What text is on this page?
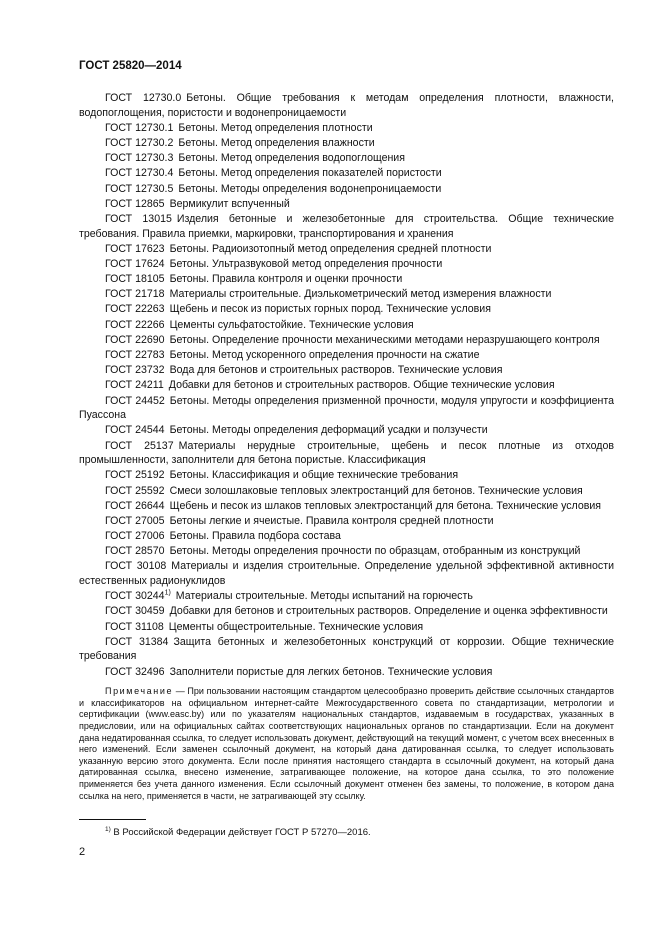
ГОСТ 25820—2014
ГОСТ 12730.0 Бетоны. Общие требования к методам определения плотности, влажности, водопоглощения, пористости и водонепроницаемости
ГОСТ 12730.1 Бетоны. Метод определения плотности
ГОСТ 12730.2 Бетоны. Метод определения влажности
ГОСТ 12730.3 Бетоны. Метод определения водопоглощения
ГОСТ 12730.4 Бетоны. Метод определения показателей пористости
ГОСТ 12730.5 Бетоны. Методы определения водонепроницаемости
ГОСТ 12865 Вермикулит вспученный
ГОСТ 13015 Изделия бетонные и железобетонные для строительства. Общие технические требования. Правила приемки, маркировки, транспортирования и хранения
ГОСТ 17623 Бетоны. Радиоизотопный метод определения средней плотности
ГОСТ 17624 Бетоны. Ультразвуковой метод определения прочности
ГОСТ 18105 Бетоны. Правила контроля и оценки прочности
ГОСТ 21718 Материалы строительные. Диэлькометрический метод измерения влажности
ГОСТ 22263 Щебень и песок из пористых горных пород. Технические условия
ГОСТ 22266 Цементы сульфатостойкие. Технические условия
ГОСТ 22690 Бетоны. Определение прочности механическими методами неразрушающего контроля
ГОСТ 22783 Бетоны. Метод ускоренного определения прочности на сжатие
ГОСТ 23732 Вода для бетонов и строительных растворов. Технические условия
ГОСТ 24211 Добавки для бетонов и строительных растворов. Общие технические условия
ГОСТ 24452 Бетоны. Методы определения призменной прочности, модуля упругости и коэффициента Пуассона
ГОСТ 24544 Бетоны. Методы определения деформаций усадки и ползучести
ГОСТ 25137 Материалы нерудные строительные, щебень и песок плотные из отходов промышленности, заполнители для бетона пористые. Классификация
ГОСТ 25192 Бетоны. Классификация и общие технические требования
ГОСТ 25592 Смеси золошлаковые тепловых электростанций для бетонов. Технические условия
ГОСТ 26644 Щебень и песок из шлаков тепловых электростанций для бетона. Технические условия
ГОСТ 27005 Бетоны легкие и ячеистые. Правила контроля средней плотности
ГОСТ 27006 Бетоны. Правила подбора состава
ГОСТ 28570 Бетоны. Методы определения прочности по образцам, отобранным из конструкций
ГОСТ 30108 Материалы и изделия строительные. Определение удельной эффективной активности естественных радионуклидов
ГОСТ 30244$^{1)}$ Материалы строительные. Методы испытаний на горючесть
ГОСТ 30459 Добавки для бетонов и строительных растворов. Определение и оценка эффективности
ГОСТ 31108 Цементы общестроительные. Технические условия
ГОСТ 31384 Защита бетонных и железобетонных конструкций от коррозии. Общие технические требования
ГОСТ 32496 Заполнители пористые для легких бетонов. Технические условия
Примечание — При пользовании настоящим стандартом целесообразно проверить действие ссылочных стандартов и классификаторов на официальном интернет-сайте Межгосударственного совета по стандартизации, метрологии и сертификации (www.easc.by) или по указателям национальных стандартов, издаваемым в государствах, указанных в предисловии, или на официальных сайтах соответствующих национальных органов по стандартизации. Если на документ дана недатированная ссылка, то следует использовать документ, действующий на текущий момент, с учетом всех внесенных в него изменений. Если заменен ссылочный документ, на который дана датированная ссылка, то следует использовать указанную версию этого документа. Если после принятия настоящего стандарта в ссылочный документ, на который дана датированная ссылка, внесено изменение, затрагивающее положение, на которое дана ссылка, то это положение применяется без учета данного изменения. Если ссылочный документ отменен без замены, то положение, в котором дана ссылка на него, применяется в части, не затрагивающей эту ссылку.
$^{1)}$ В Российской Федерации действует ГОСТ Р 57270—2016.
2
